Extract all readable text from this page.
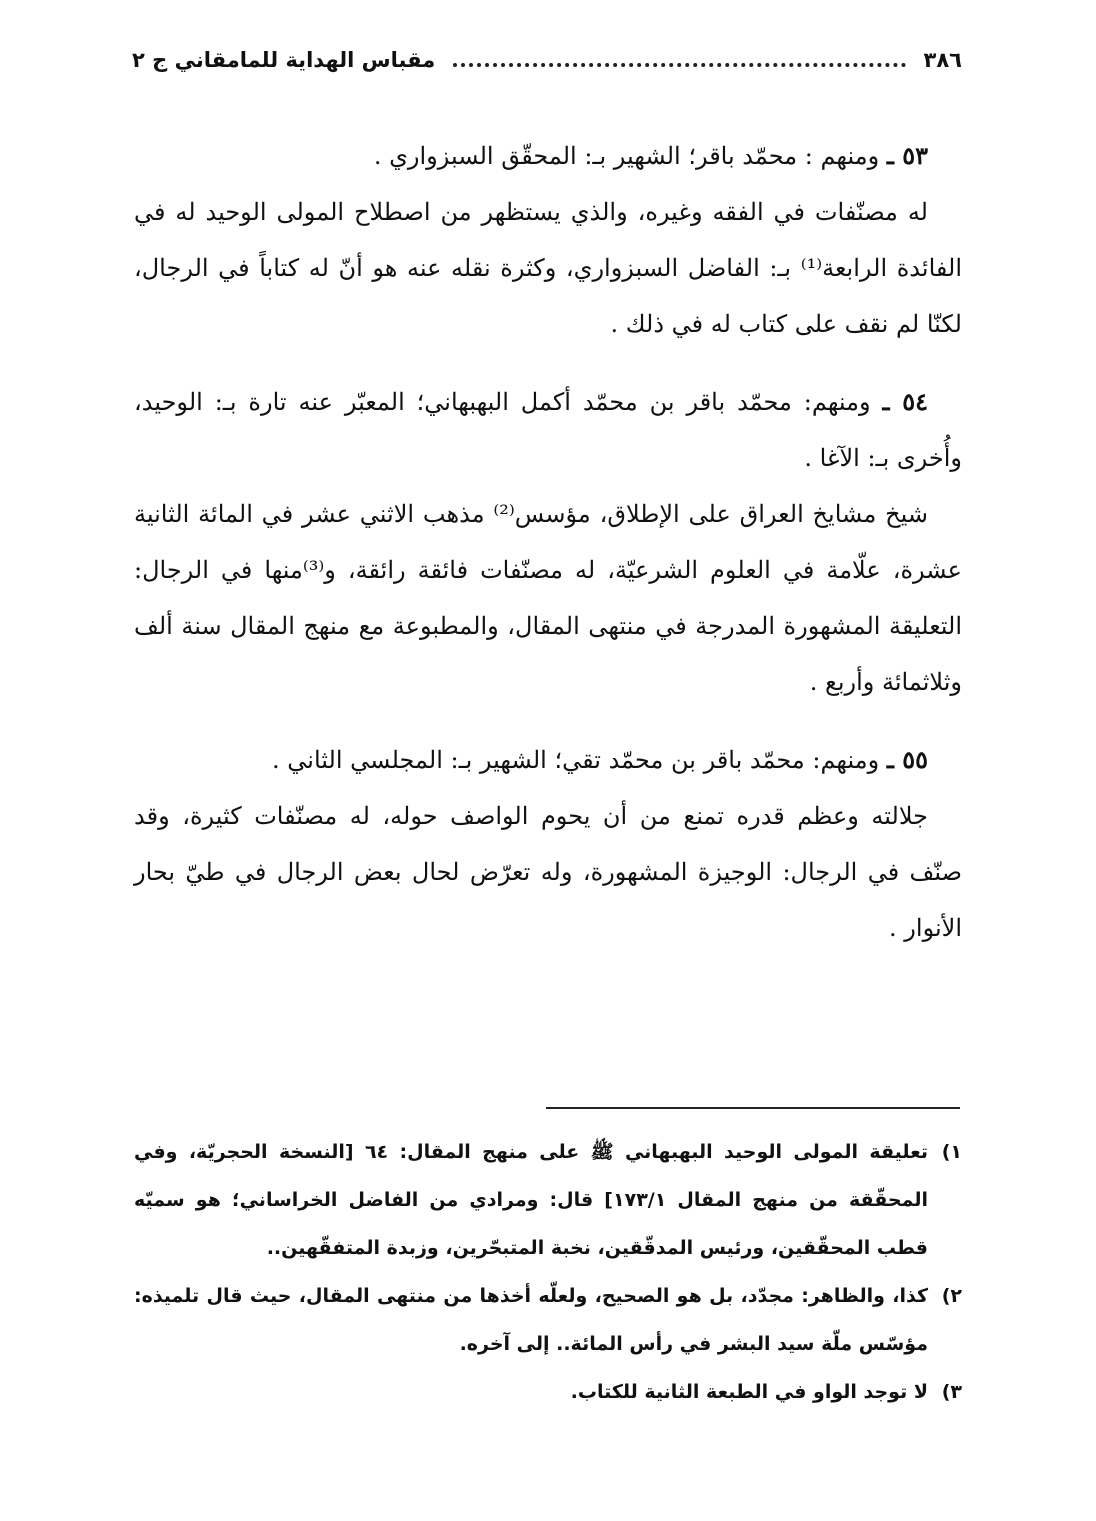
٣٨٦
مقباس الهداية للمامقاني ج ٢

٥٣ ـ ومنهم : محمّد باقر؛ الشهير بـ: المحقّق السبزواري .

له مصنّفات في الفقه وغيره، والذي يستظهر من اصطلاح المولى الوحيد له في الفائدة الرابعة⁽¹⁾ بـ: الفاضل السبزواري، وكثرة نقله عنه هو أنّ له كتاباً في الرجال، لكنّا لم نقف على كتاب له في ذلك .

٥٤ ـ ومنهم: محمّد باقر بن محمّد أكمل البهبهاني؛ المعبّر عنه تارة بـ: الوحيد، وأُخرى بـ: الآغا .

شيخ مشايخ العراق على الإطلاق، مؤسس⁽²⁾ مذهب الاثني عشر في المائة الثانية عشرة، علّامة في العلوم الشرعيّة، له مصنّفات فائقة رائقة، و⁽³⁾منها في الرجال: التعليقة المشهورة المدرجة في منتهى المقال، والمطبوعة مع منهج المقال سنة ألف وثلاثمائة وأربع .

٥٥ ـ ومنهم: محمّد باقر بن محمّد تقي؛ الشهير بـ: المجلسي الثاني .

جلالته وعظم قدره تمنع من أن يحوم الواصف حوله، له مصنّفات كثيرة، وقد صنّف في الرجال: الوجيزة المشهورة، وله تعرّض لحال بعض الرجال في طيّ بحار الأنوار .

١)
تعليقة المولى الوحيد البهبهاني ﷺ على منهج المقال: ٦٤ [النسخة الحجريّة، وفي المحقّقة من منهج المقال ١٧٣/١] قال: ومرادي من الفاضل الخراساني؛ هو سميّه قطب المحقّقين، ورئيس المدقّقين، نخبة المتبحّرين، وزبدة المتفقّهين..
٢)
كذا، والظاهر: مجدّد، بل هو الصحيح، ولعلّه أخذها من منتهى المقال، حيث قال تلميذه: مؤسّس ملّة سيد البشر في رأس المائة.. إلى آخره.
٣)
لا توجد الواو في الطبعة الثانية للكتاب.
